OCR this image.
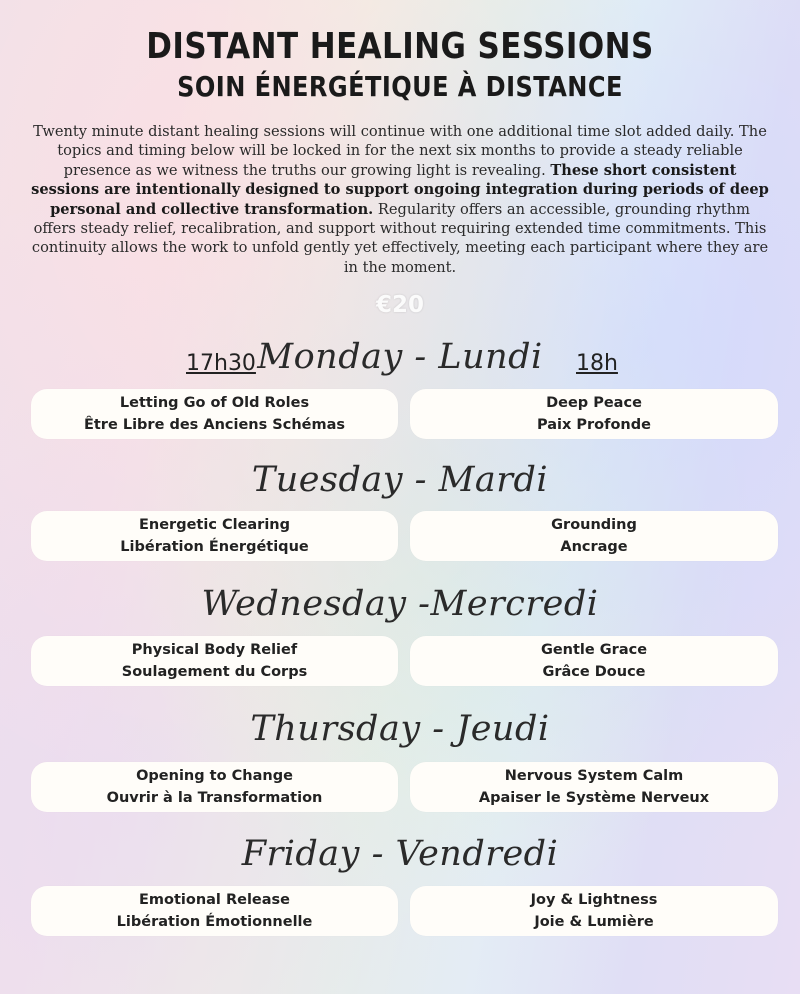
DISTANT HEALING SESSIONS
SOIN ÉNERGÉTIQUE À DISTANCE
Twenty minute distant healing sessions will continue with one additional time slot added daily. The topics and timing below will be locked in for the next six months to provide a steady reliable presence as we witness the truths our growing light is revealing. These short consistent sessions are intentionally designed to support ongoing integration during periods of deep personal and collective transformation. Regularity offers an accessible, grounding rhythm offers steady relief, recalibration, and support without requiring extended time commitments. This continuity allows the work to unfold gently yet effectively, meeting each participant where they are in the moment.
€20
17h30	18h
Monday - Lundi
Letting Go of Old Roles
Être Libre des Anciens Schémas
Deep Peace
Paix Profonde
Tuesday - Mardi
Energetic Clearing
Libération Énergétique
Grounding
Ancrage
Wednesday -Mercredi
Physical Body Relief
Soulagement du Corps
Gentle Grace
Grâce Douce
Thursday - Jeudi
Opening to Change
Ouvrir à la Transformation
Nervous System Calm
Apaiser le Système Nerveux
Friday - Vendredi
Emotional Release
Libération Émotionnelle
Joy & Lightness
Joie & Lumière
